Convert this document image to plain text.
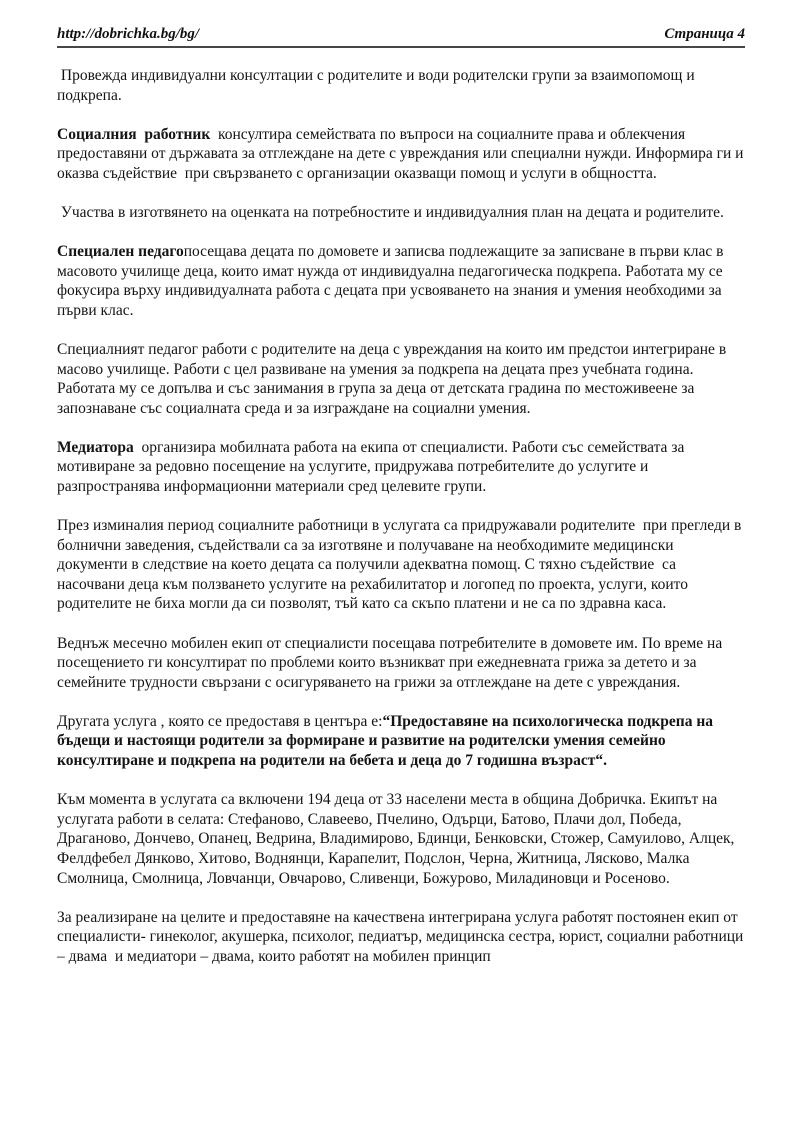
http://dobrichka.bg/bg/	Страница 4

Провежда индивидуални консултации с родителите и води родителски групи за взаимопомощ и подкрепа.

Социалния  работник  консултира семействата по въпроси на социалните права и облекчения предоставяни от държавата за отглеждане на дете с увреждания или специални нужди. Информира ги и оказва съдействие  при свързването с организации оказващи помощ и услуги в общността.

Участва в изготвянето на оценката на потребностите и индивидуалния план на децата и родителите.

Специален педагопосещава децата по домовете и записва подлежащите за записване в първи клас в масовото училище деца, които имат нужда от индивидуална педагогическа подкрепа. Работата му се фокусира върху индивидуалната работа с децата при усвояването на знания и умения необходими за първи клас.

Специалният педагог работи с родителите на деца с увреждания на които им предстои интегриране в масово училище. Работи с цел развиване на умения за подкрепа на децата през учебната година.  Работата му се допълва и със занимания в група за деца от детската градина по местоживеене за запознаване със социалната среда и за изграждане на социални умения.

Медиатора  организира мобилната работа на екипа от специалисти. Работи със семействата за мотивиране за редовно посещение на услугите, придружава потребителите до услугите и разпространява информационни материали сред целевите групи.

През изминалия период социалните работници в услугата са придружавали родителите  при прегледи в болнични заведения, съдействали са за изготвяне и получаване на необходимите медицински документи в следствие на което децата са получили адекватна помощ. С тяхно съдействие  са насочвани деца към ползването услугите на рехабилитатор и логопед по проекта, услуги, които родителите не биха могли да си позволят, тъй като са скъпо платени и не са по здравна каса.

Веднъж месечно мобилен екип от специалисти посещава потребителите в домовете им. По време на посещението ги консултират по проблеми които възникват при ежедневната грижа за детето и за семейните трудности свързани с осигуряването на грижи за отглеждане на дете с увреждания.

Другата услуга , която се предоставя в центъра е:“Предоставяне на психологическа подкрепа на бъдещи и настоящи родители за формиране и развитие на родителски умения семейно консултиране и подкрепа на родители на бебета и деца до 7 годишна възраст“.

Към момента в услугата са включени 194 деца от 33 населени места в община Добричка. Екипът на услугата работи в селата: Стефаново, Славеево, Пчелино, Одърци, Батово, Плачи дол, Победа, Драганово, Дончево, Опанец, Ведрина, Владимирово, Бдинци, Бенковски, Стожер, Самуилово, Алцек, Фелдфебел Дянково, Хитово, Воднянци, Карапелит, Подслон, Черна, Житница, Лясково, Малка Смолница, Смолница, Ловчанци, Овчарово, Сливенци, Божурово, Миладиновци и Росеново.

За реализиране на целите и предоставяне на качествена интегрирана услуга работят постоянен екип от специалисти- гинеколог, акушерка, психолог, педиатър, медицинска сестра, юрист, социални работници – двама  и медиатори – двама, които работят на мобилен принцип
